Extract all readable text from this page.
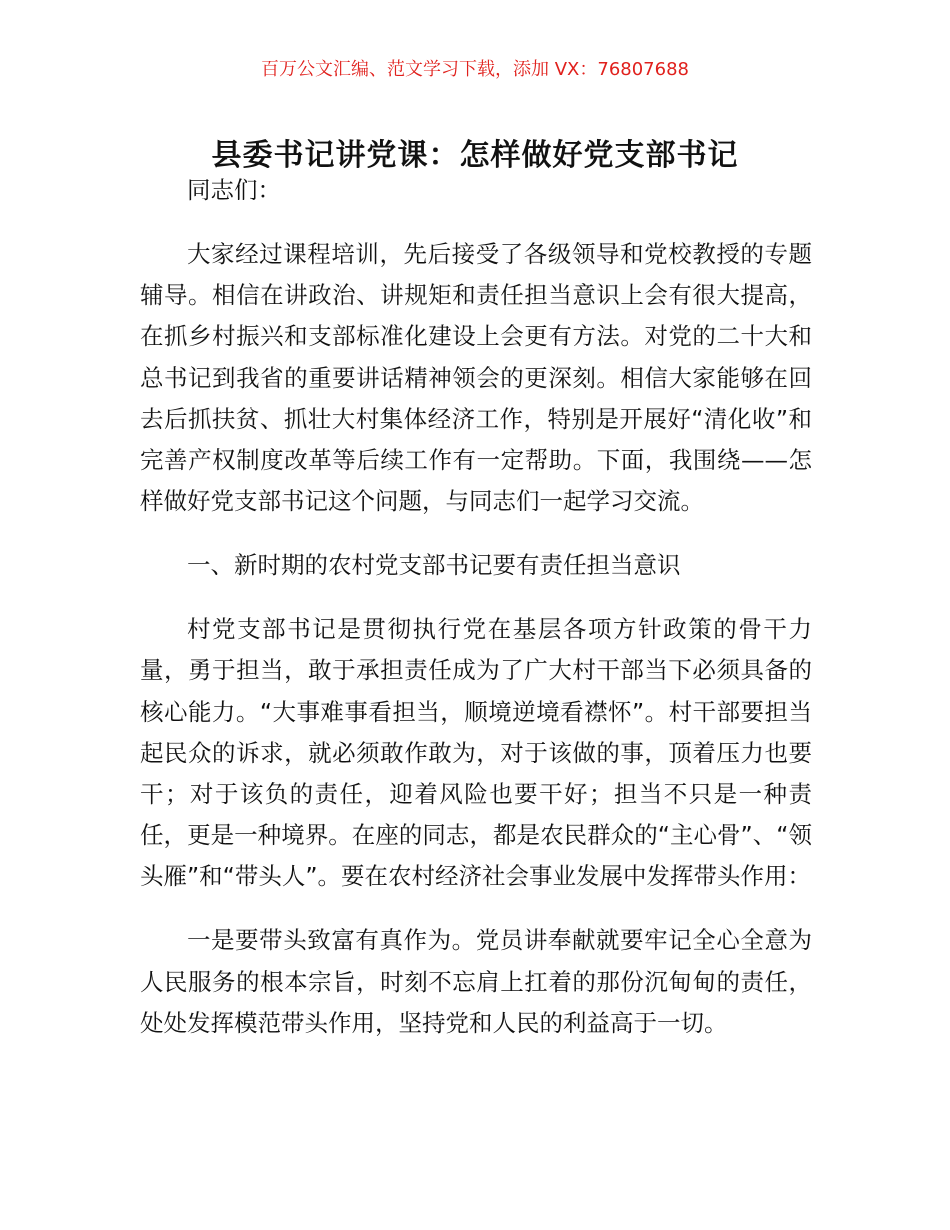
百万公文汇编、范文学习下载，添加 VX：76807688
县委书记讲党课：怎样做好党支部书记

同志们：

大家经过课程培训，先后接受了各级领导和党校教授的专题辅导。相信在讲政治、讲规矩和责任担当意识上会有很大提高，在抓乡村振兴和支部标准化建设上会更有方法。对党的二十大和总书记到我省的重要讲话精神领会的更深刻。相信大家能够在回去后抓扶贫、抓壮大村集体经济工作，特别是开展好“清化收”和完善产权制度改革等后续工作有一定帮助。下面，我围绕——怎样做好党支部书记这个问题，与同志们一起学习交流。

一、新时期的农村党支部书记要有责任担当意识

村党支部书记是贯彻执行党在基层各项方针政策的骨干力量，勇于担当，敢于承担责任成为了广大村干部当下必须具备的核心能力。“大事难事看担当，顺境逆境看襟怀”。村干部要担当起民众的诉求，就必须敢作敢为，对于该做的事，顶着压力也要干；对于该负的责任，迎着风险也要干好；担当不只是一种责任，更是一种境界。在座的同志，都是农民群众的“主心骨”、“领头雁”和“带头人”。要在农村经济社会事业发展中发挥带头作用：

一是要带头致富有真作为。党员讲奉献就要牢记全心全意为人民服务的根本宗旨，时刻不忘肩上扛着的那份沉甸甸的责任，处处发挥模范带头作用，坚持党和人民的利益高于一切。
